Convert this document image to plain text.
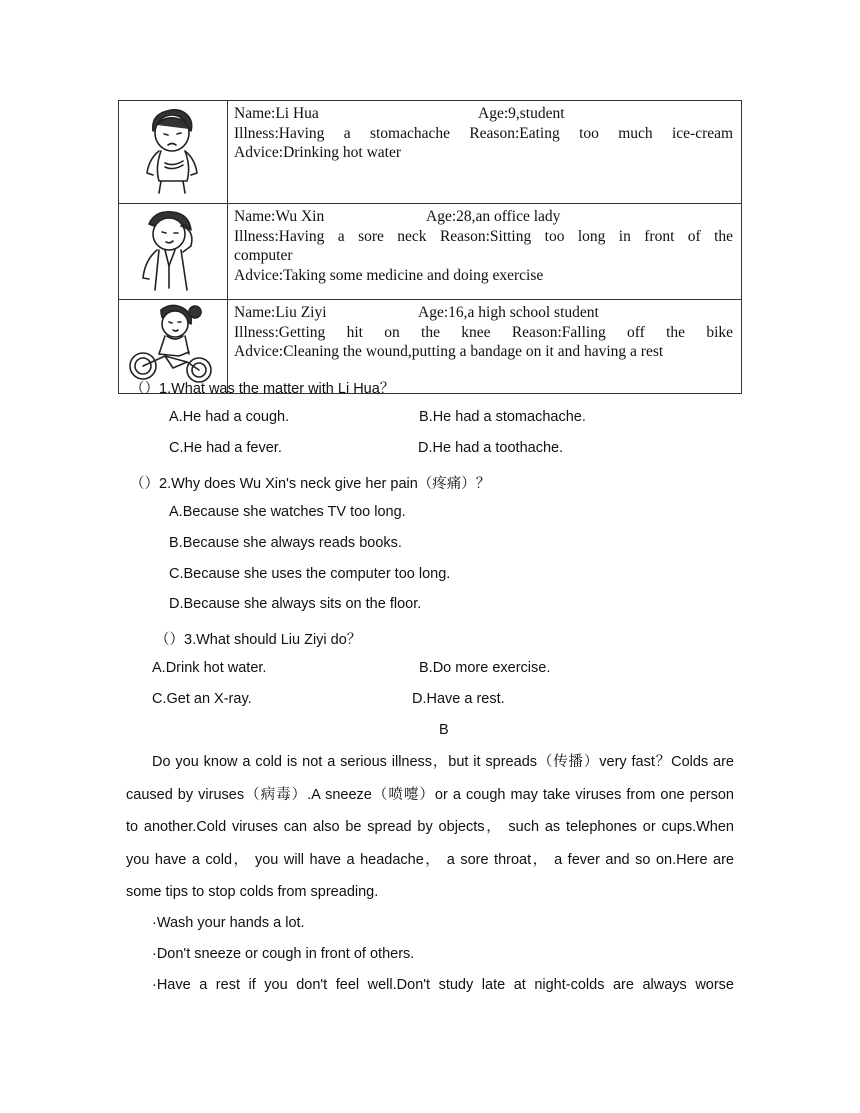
Name:Li Hua Age:9,student
Illness:Having a stomachache Reason:Eating too much ice-cream
Advice:Drinking hot water

Name:Wu Xin Age:28,an office lady
Illness:Having a sore neck Reason:Sitting too long in front of the
computer
Advice:Taking some medicine and doing exercise

Name:Liu Ziyi Age:16,a high school student
Illness:Getting hit on the knee Reason:Falling off the bike
Advice:Cleaning the wound,putting a bandage on it and having a rest
（）1.What was the matter with Li Hua？
A.He had a cough.	B.He had a stomachache.
C.He had a fever.	D.He had a toothache.
（）2.Why does Wu Xin's neck give her pain（疼痛）？
A.Because she watches TV too long.
B.Because she always reads books.
C.Because she uses the computer too long.
D.Because she always sits on the floor.
（）3.What should Liu Ziyi do？
A.Drink hot water.	B.Do more exercise.
C.Get an X-ray.	D.Have a rest.
B
Do you know a cold is not a serious illness，but it spreads（传播）very fast？Colds are
caused by viruses（病毒）.A sneeze（喷嚏）or a cough may take viruses from one person
to another.Cold viruses can also be spread by objects， such as telephones or cups.When
you have a cold， you will have a headache， a sore throat， a fever and so on.Here are
some tips to stop colds from spreading.
·Wash your hands a lot.
·Don't sneeze or cough in front of others.
·Have a rest if you don't feel well.Don't study late at night-colds are always worse
